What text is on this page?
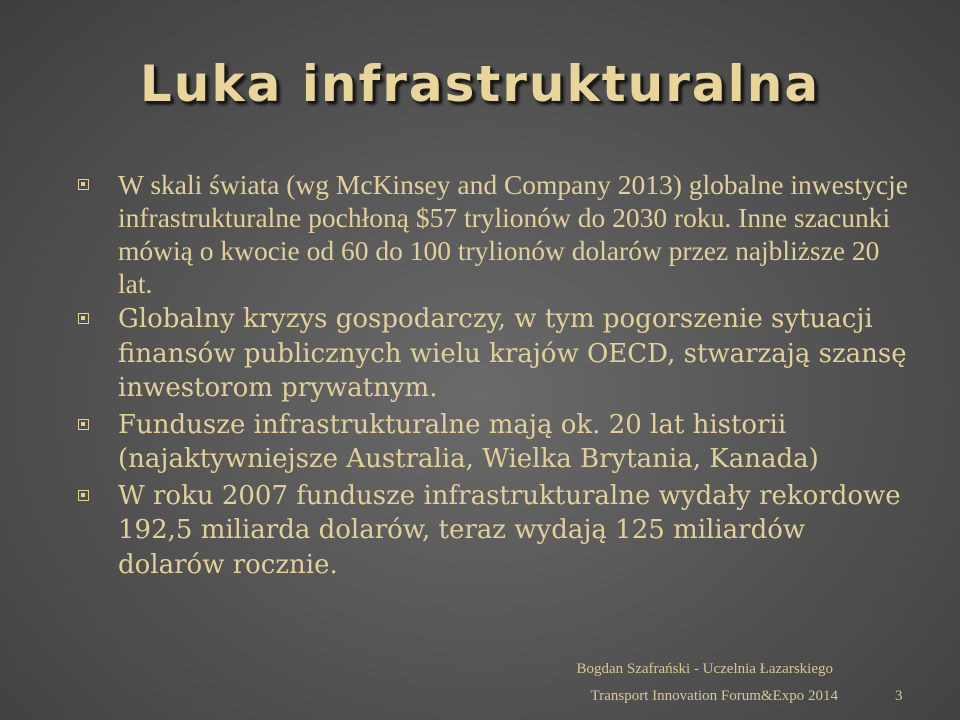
Luka infrastrukturalna
W skali świata (wg McKinsey and Company 2013) globalne inwestycje infrastrukturalne pochłoną $57 trylionów do 2030 roku. Inne szacunki mówią o kwocie od 60 do 100 trylionów dolarów przez najbliższe 20 lat.
Globalny kryzys gospodarczy, w tym pogorszenie sytuacji finansów publicznych wielu krajów OECD, stwarzają szansę inwestorom prywatnym.
Fundusze infrastrukturalne mają ok. 20 lat historii (najaktywniejsze Australia, Wielka Brytania, Kanada)
W roku 2007 fundusze infrastrukturalne wydały rekordowe 192,5 miliarda dolarów, teraz wydają 125 miliardów dolarów rocznie.
Bogdan Szafrański - Uczelnia Łazarskiego
Transport Innovation Forum&Expo 2014	3
